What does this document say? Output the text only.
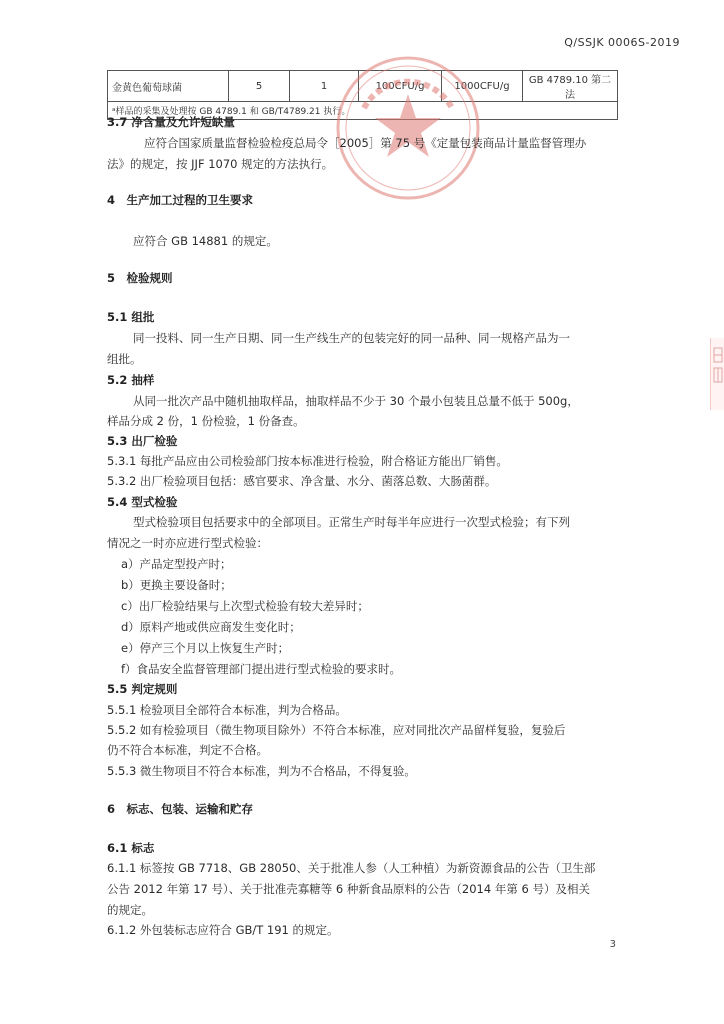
Q/SSJK 0006S-2019
金黄色葡萄球菌	5	1	100CFU/g	1000CFU/g	GB 4789.10 第二法
ᵃ样品的采集及处理按 GB 4789.1 和 GB/T4789.21 执行。
3.7 净含量及允许短缺量
应符合国家质量监督检验检疫总局令［2005］第 75 号《定量包装商品计量监督管理办
法》的规定，按 JJF 1070 规定的方法执行。
4　生产加工过程的卫生要求
应符合 GB 14881 的规定。
5　检验规则
5.1 组批
同一投料、同一生产日期、同一生产线生产的包装完好的同一品种、同一规格产品为一
组批。
5.2 抽样
从同一批次产品中随机抽取样品，抽取样品不少于 30 个最小包装且总量不低于 500g，
样品分成 2 份，1 份检验，1 份备查。
5.3 出厂检验
5.3.1 每批产品应由公司检验部门按本标准进行检验，附合格证方能出厂销售。
5.3.2 出厂检验项目包括：感官要求、净含量、水分、菌落总数、大肠菌群。
5.4 型式检验
型式检验项目包括要求中的全部项目。正常生产时每半年应进行一次型式检验；有下列
情况之一时亦应进行型式检验：
a）产品定型投产时；
b）更换主要设备时；
c）出厂检验结果与上次型式检验有较大差异时；
d）原料产地或供应商发生变化时；
e）停产三个月以上恢复生产时；
f）食品安全监督管理部门提出进行型式检验的要求时。
5.5 判定规则
5.5.1 检验项目全部符合本标准，判为合格品。
5.5.2 如有检验项目（微生物项目除外）不符合本标准，应对同批次产品留样复验，复验后
仍不符合本标准，判定不合格。
5.5.3 微生物项目不符合本标准，判为不合格品，不得复验。
6　标志、包装、运输和贮存
6.1 标志
6.1.1 标签按 GB 7718、GB 28050、关于批准人参（人工种植）为新资源食品的公告（卫生部
公告 2012 年第 17 号）、关于批准壳寡糖等 6 种新食品原料的公告（2014 年第 6 号）及相关
的规定。
6.1.2 外包装标志应符合 GB/T 191 的规定。
3
